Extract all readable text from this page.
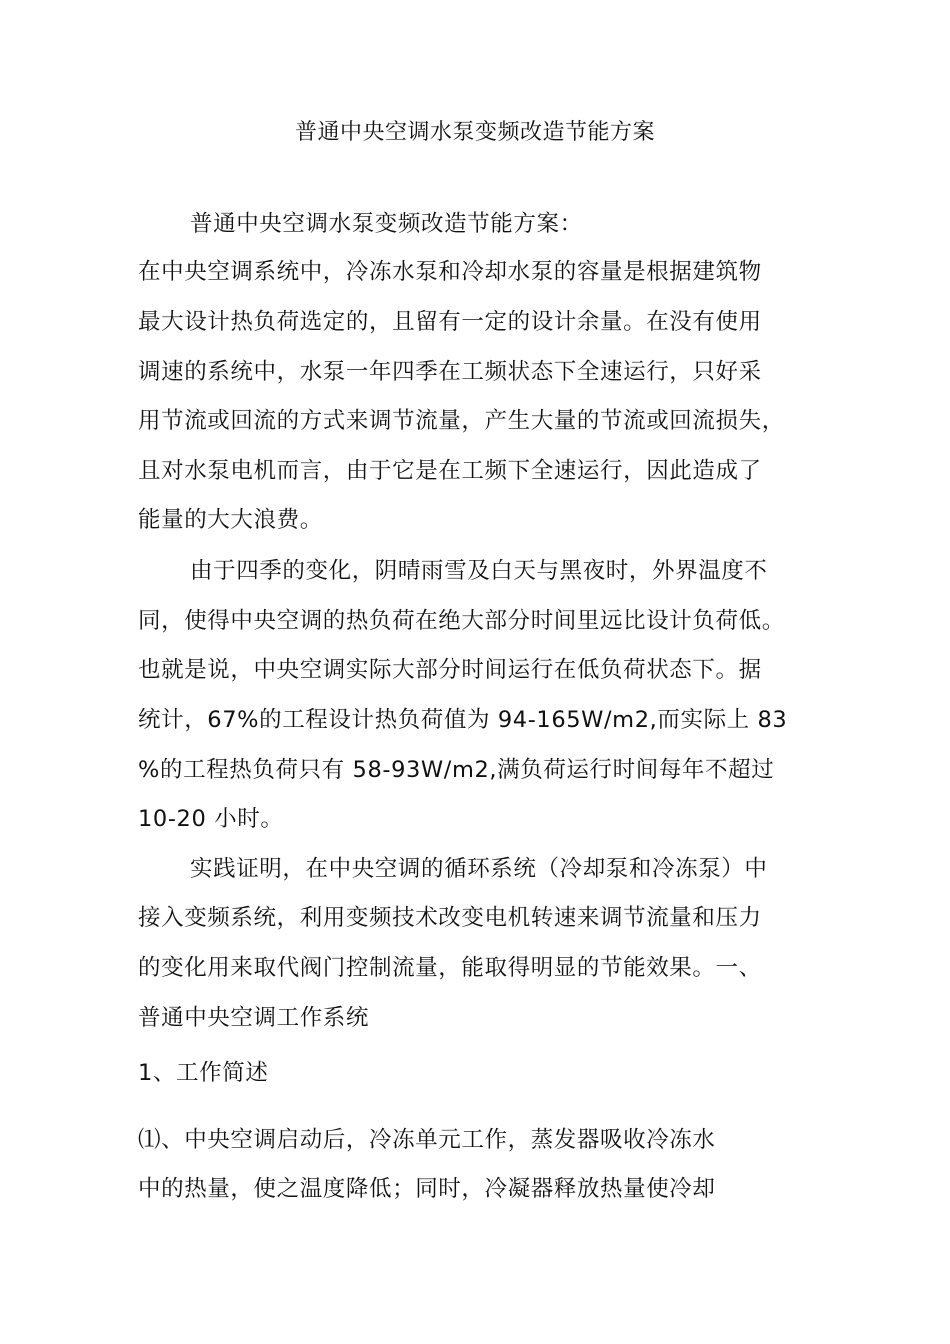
普通中央空调水泵变频改造节能方案
普通中央空调水泵变频改造节能方案：
在中央空调系统中，冷冻水泵和冷却水泵的容量是根据建筑物
最大设计热负荷选定的，且留有一定的设计余量。在没有使用
调速的系统中，水泵一年四季在工频状态下全速运行，只好采
用节流或回流的方式来调节流量，产生大量的节流或回流损失，
且对水泵电机而言，由于它是在工频下全速运行，因此造成了
能量的大大浪费。
由于四季的变化，阴晴雨雪及白天与黑夜时，外界温度不
同，使得中央空调的热负荷在绝大部分时间里远比设计负荷低。
也就是说，中央空调实际大部分时间运行在低负荷状态下。据
统计，67%的工程设计热负荷值为 94-165W/m2,而实际上 83
%的工程热负荷只有 58-93W/m2,满负荷运行时间每年不超过
10-20 小时。
实践证明，在中央空调的循环系统（冷却泵和冷冻泵）中
接入变频系统，利用变频技术改变电机转速来调节流量和压力
的变化用来取代阀门控制流量，能取得明显的节能效果。一、
普通中央空调工作系统
1、工作简述
⑴、中央空调启动后，冷冻单元工作，蒸发器吸收冷冻水
中的热量，使之温度降低；同时，冷凝器释放热量使冷却
